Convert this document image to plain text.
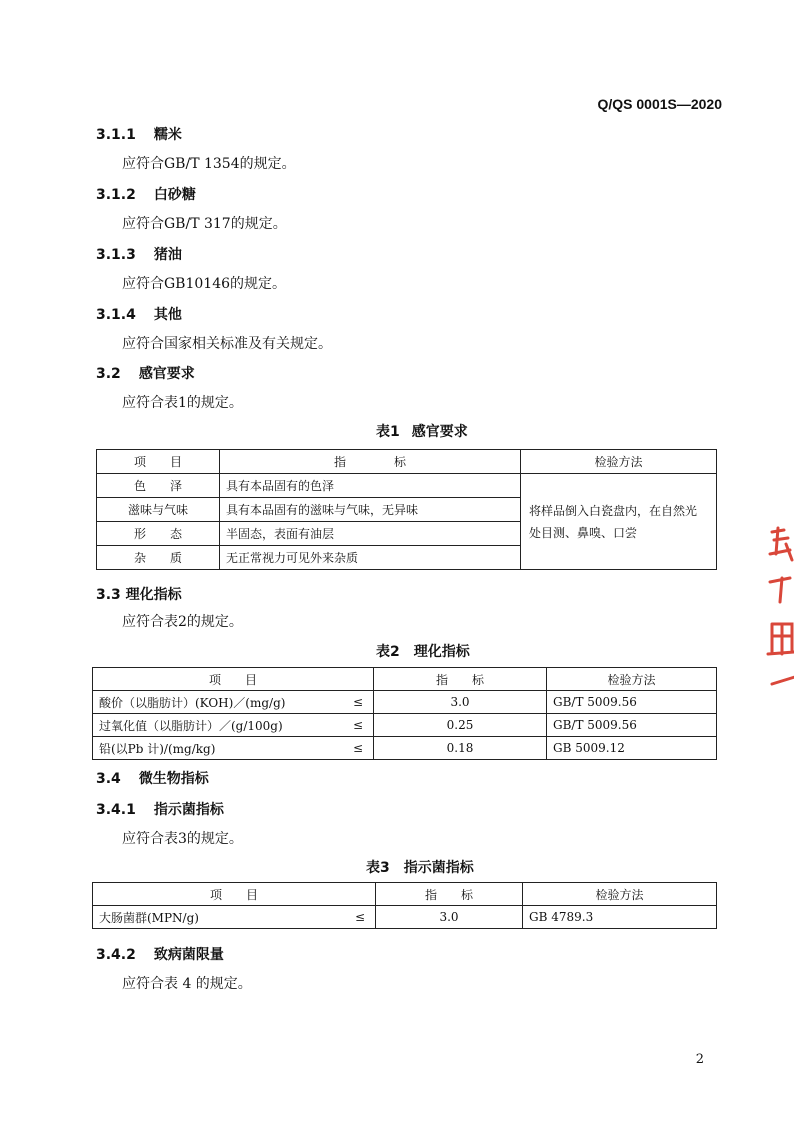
Q/QS 0001S—2020
3.1.1 糯米
应符合GB/T 1354的规定。
3.1.2 白砂糖
应符合GB/T 317的规定。
3.1.3 猪油
应符合GB10146的规定。
3.1.4 其他
应符合国家相关标准及有关规定。
3.2 感官要求
应符合表1的规定。
表1 感官要求
项　　目	指　　　　标	检验方法
色　　泽	具有本品固有的色泽	将样品倒入白瓷盘内，在自然光处目测、鼻嗅、口尝
滋味与气味	具有本品固有的滋味与气味，无异味	
形　　态	半固态，表面有油层	
杂　　质	无正常视力可见外来杂质	
3.3 理化指标
应符合表2的规定。
表2　理化指标
项　　目		指　　标	检验方法
酸价（以脂肪计）(KOH)／(mg/g)	≤	3.0	GB/T 5009.56
过氧化值（以脂肪计）／(g/100g)	≤	0.25	GB/T 5009.56
铅(以Pb 计)/(mg/kg)	≤	0.18	GB 5009.12
3.4 微生物指标
3.4.1 指示菌指标
应符合表3的规定。
表3　指示菌指标
项　　目		指　　标	检验方法
大肠菌群(MPN/g)	≤	3.0	GB 4789.3
3.4.2 致病菌限量
应符合表 4 的规定。
2
